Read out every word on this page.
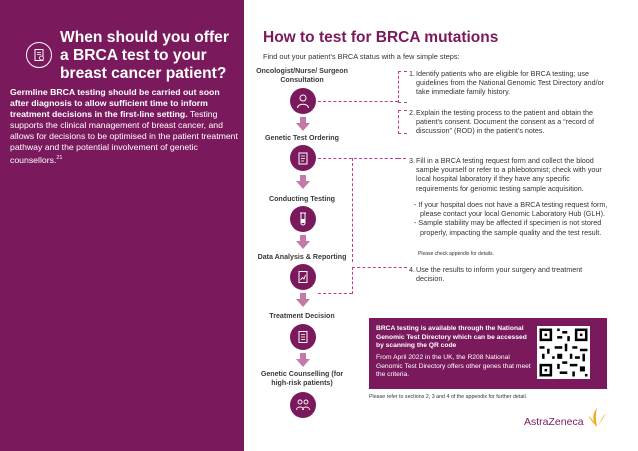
When should you offer a BRCA test to your breast cancer patient?
Germline BRCA testing should be carried out soon after diagnosis to allow sufficient time to inform treatment decisions in the first-line setting. Testing supports the clinical management of breast cancer, and allows for decisions to be optimised in the patient treatment pathway and the potential involvement of genetic counsellors.$^{21}$
How to test for BRCA mutations
Find out your patient’s BRCA status with a few simple steps:
Oncologist/Nurse/ Surgeon Consultation
Genetic Test Ordering
Conducting Testing
Data Analysis & Reporting
Treatment Decision
Genetic Counselling (for high-risk patients)
1. Identify patients who are eligible for BRCA testing; use guidelines from the National Genomic Test Directory and/or take immediate family history.
2. Explain the testing process to the patient and obtain the patient’s consent. Document the consent as a “record of discussion” (ROD) in the patient’s notes.
3. Fill in a BRCA testing request form and collect the blood sample yourself or refer to a phlebotomist; check with your local hospital laboratory if they have any specific requirements for genomic testing sample acquisition.
- If your hospital does not have a BRCA testing request form, please contact your local Genomic Laboratory Hub (GLH).
- Sample stability may be affected if specimen is not stored properly, impacting the sample quality and the test result.
Please check appendix for details.
4. Use the results to inform your surgery and treatment decision.
BRCA testing is available through the National Genomic Test Directory which can be accessed by scanning the QR code
From April 2022 in the UK, the R208 National Genomic Test Directory offers other genes that meet the criteria.
Please refer to sections 2, 3 and 4 of the appendix for further detail.
AstraZeneca
